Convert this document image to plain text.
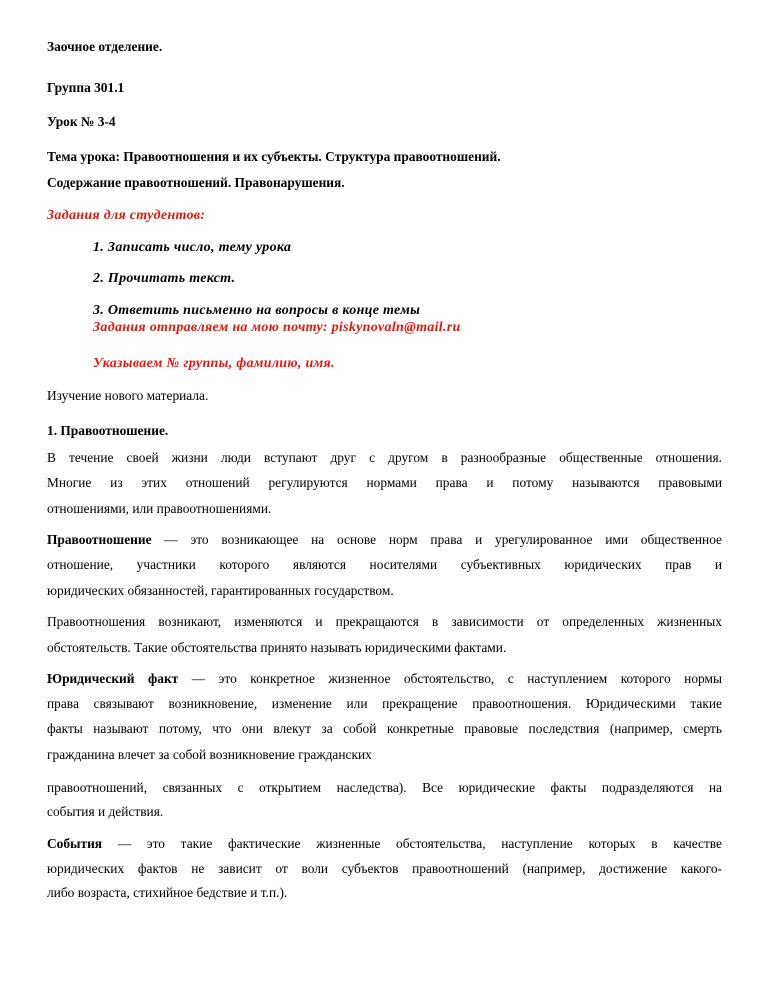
Заочное отделение.
Группа 301.1
Урок № 3-4
Тема урока: Правоотношения и их субъекты. Структура правоотношений.
Содержание правоотношений. Правонарушения.
Задания для студентов:
1. Записать число, тему урока
2. Прочитать текст.
3. Ответить письменно на вопросы в конце темы
Задания отправляем на мою почту: piskynovaln@mail.ru
Указываем № группы, фамилию, имя.
Изучение нового материала.
1. Правоотношение.
В течение своей жизни люди вступают друг с другом в разнообразные общественные отношения.
Многие из этих отношений регулируются нормами права и потому называются правовыми
отношениями, или правоотношениями.
Правоотношение — это возникающее на основе норм права и урегулированное ими общественное
отношение, участники которого являются носителями субъективных юридических прав и
юридических обязанностей, гарантированных государством.
Правоотношения возникают, изменяются и прекращаются в зависимости от определенных жизненных
обстоятельств. Такие обстоятельства принято называть юридическими фактами.
Юридический факт — это конкретное жизненное обстоятельство, с наступлением которого нормы
права связывают возникновение, изменение или прекращение правоотношения. Юридическими такие
факты называют потому, что они влекут за собой конкретные правовые последствия (например, смерть
гражданина влечет за собой возникновение гражданских
правоотношений, связанных с открытием наследства). Все юридические факты подразделяются на
события и действия.
События — это такие фактические жизненные обстоятельства, наступление которых в качестве
юридических фактов не зависит от воли субъектов правоотношений (например, достижение какого-
либо возраста, стихийное бедствие и т.п.).
